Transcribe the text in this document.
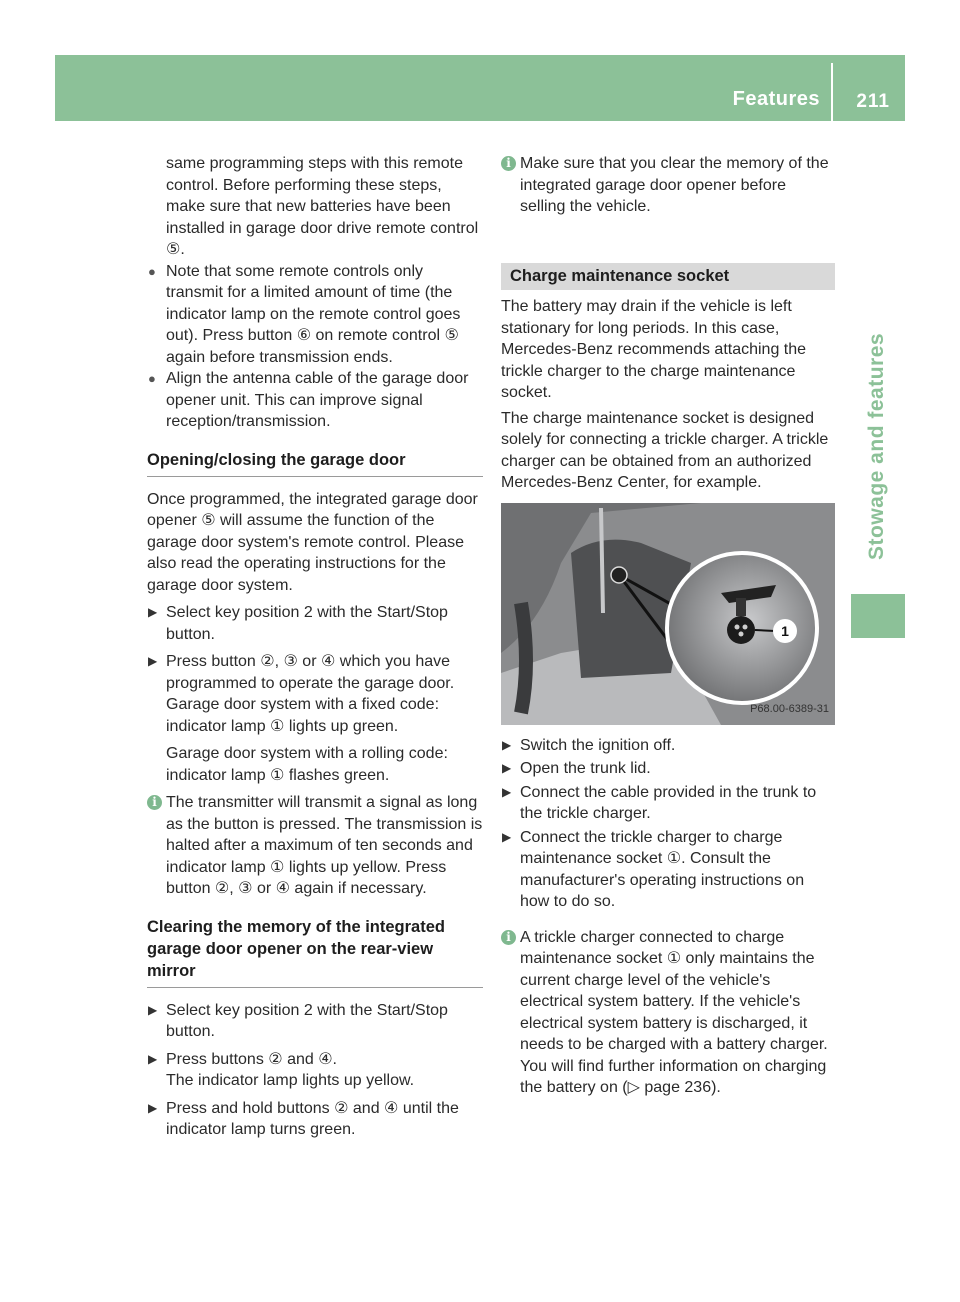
Features 211
Stowage and features

same programming steps with this remote control. Before performing these steps, make sure that new batteries have been installed in garage door drive remote control ⑤.

● Note that some remote controls only transmit for a limited amount of time (the indicator lamp on the remote control goes out). Press button ⑥ on remote control ⑤ again before transmission ends.
● Align the antenna cable of the garage door opener unit. This can improve signal reception/transmission.
Opening/closing the garage door

Once programmed, the integrated garage door opener ⑤ will assume the function of the garage door system's remote control. Please also read the operating instructions for the garage door system.

▶ Select key position 2 with the Start/Stop button.
▶ Press button ②, ③ or ④ which you have programmed to operate the garage door.

Garage door system with a fixed code: indicator lamp ① lights up green.

Garage door system with a rolling code: indicator lamp ① flashes green.

i The transmitter will transmit a signal as long as the button is pressed. The transmission is halted after a maximum of ten seconds and indicator lamp ① lights up yellow. Press button ②, ③ or ④ again if necessary.
Clearing the memory of the integrated garage door opener on the rear-view mirror
▶ Select key position 2 with the Start/Stop button.
▶ Press buttons ② and ④.

The indicator lamp lights up yellow.

▶ Press and hold buttons ② and ④ until the indicator lamp turns green.
i Make sure that you clear the memory of the integrated garage door opener before selling the vehicle.
Charge maintenance socket

The battery may drain if the vehicle is left stationary for long periods. In this case, Mercedes-Benz recommends attaching the trickle charger to the charge maintenance socket.

The charge maintenance socket is designed solely for connecting a trickle charger. A trickle charger can be obtained from an authorized Mercedes-Benz Center, for example.

1
P68.00-6389-31
▶ Switch the ignition off.
▶ Open the trunk lid.
▶ Connect the cable provided in the trunk to the trickle charger.
▶ Connect the trickle charger to charge maintenance socket ①. Consult the manufacturer's operating instructions on how to do so.
i A trickle charger connected to charge maintenance socket ① only maintains the current charge level of the vehicle's electrical system battery. If the vehicle's electrical system battery is discharged, it needs to be charged with a battery charger. You will find further information on charging the battery on (▷ page 236).
